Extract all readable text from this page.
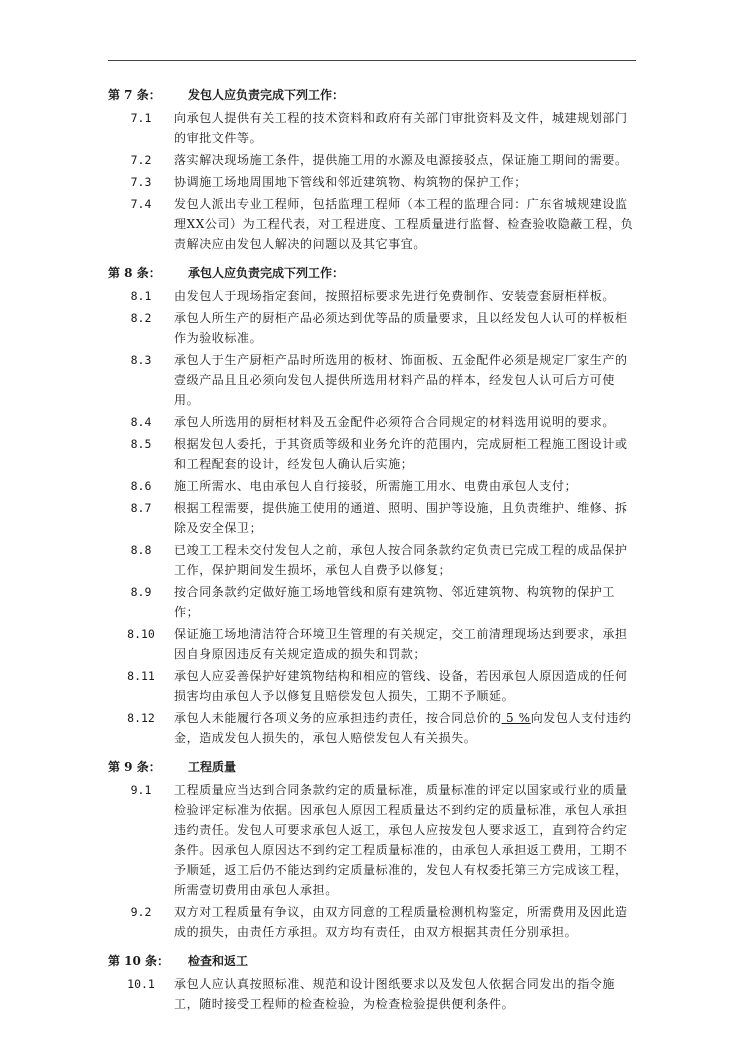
第 7 条：	发包人应负责完成下列工作：
7.1	向承包人提供有关工程的技术资料和政府有关部门审批资料及文件，城建规划部门的审批文件等。
7.2	落实解决现场施工条件，提供施工用的水源及电源接驳点，保证施工期间的需要。
7.3	协调施工场地周围地下管线和邻近建筑物、构筑物的保护工作；
7.4	发包人派出专业工程师，包括监理工程师（本工程的监理合同：广东省城规建设监理XX公司）为工程代表，对工程进度、工程质量进行监督、检查验收隐蔽工程，负责解决应由发包人解决的问题以及其它事宜。
第 8 条：	承包人应负责完成下列工作：
8.1	由发包人于现场指定套间，按照招标要求先进行免费制作、安装壹套厨柜样板。
8.2	承包人所生产的厨柜产品必须达到优等品的质量要求，且以经发包人认可的样板柜作为验收标准。
8.3	承包人于生产厨柜产品时所选用的板材、饰面板、五金配件必须是规定厂家生产的壹级产品且且必须向发包人提供所选用材料产品的样本，经发包人认可后方可使用。
8.4	承包人所选用的厨柜材料及五金配件必须符合合同规定的材料选用说明的要求。
8.5	根据发包人委托，于其资质等级和业务允许的范围内，完成厨柜工程施工图设计或和工程配套的设计，经发包人确认后实施；
8.6	施工所需水、电由承包人自行接驳，所需施工用水、电费由承包人支付；
8.7	根据工程需要，提供施工使用的通道、照明、围护等设施，且负责维护、维修、拆除及安全保卫；
8.8	已竣工工程未交付发包人之前，承包人按合同条款约定负责已完成工程的成品保护工作，保护期间发生损坏，承包人自费予以修复；
8.9	按合同条款约定做好施工场地管线和原有建筑物、邻近建筑物、构筑物的保护工作；
8.10	保证施工场地清洁符合环境卫生管理的有关规定，交工前清理现场达到要求，承担因自身原因违反有关规定造成的损失和罚款；
8.11	承包人应妥善保护好建筑物结构和相应的管线、设备，若因承包人原因造成的任何损害均由承包人予以修复且赔偿发包人损失，工期不予顺延。
8.12	承包人未能履行各项义务的应承担违约责任，按合同总价的 5 %向发包人支付违约金，造成发包人损失的，承包人赔偿发包人有关损失。
第 9 条：	工程质量
9.1	工程质量应当达到合同条款约定的质量标准，质量标准的评定以国家或行业的质量检验评定标准为依据。因承包人原因工程质量达不到约定的质量标准，承包人承担违约责任。发包人可要求承包人返工，承包人应按发包人要求返工，直到符合约定条件。因承包人原因达不到约定工程质量标准的，由承包人承担返工费用，工期不予顺延，返工后仍不能达到约定质量标准的，发包人有权委托第三方完成该工程，所需壹切费用由承包人承担。
9.2	双方对工程质量有争议，由双方同意的工程质量检测机构鉴定，所需费用及因此造成的损失，由责任方承担。双方均有责任，由双方根据其责任分别承担。
第 10 条：	检查和返工
10.1	承包人应认真按照标准、规范和设计图纸要求以及发包人依据合同发出的指令施工，随时接受工程师的检查检验，为检查检验提供便利条件。
